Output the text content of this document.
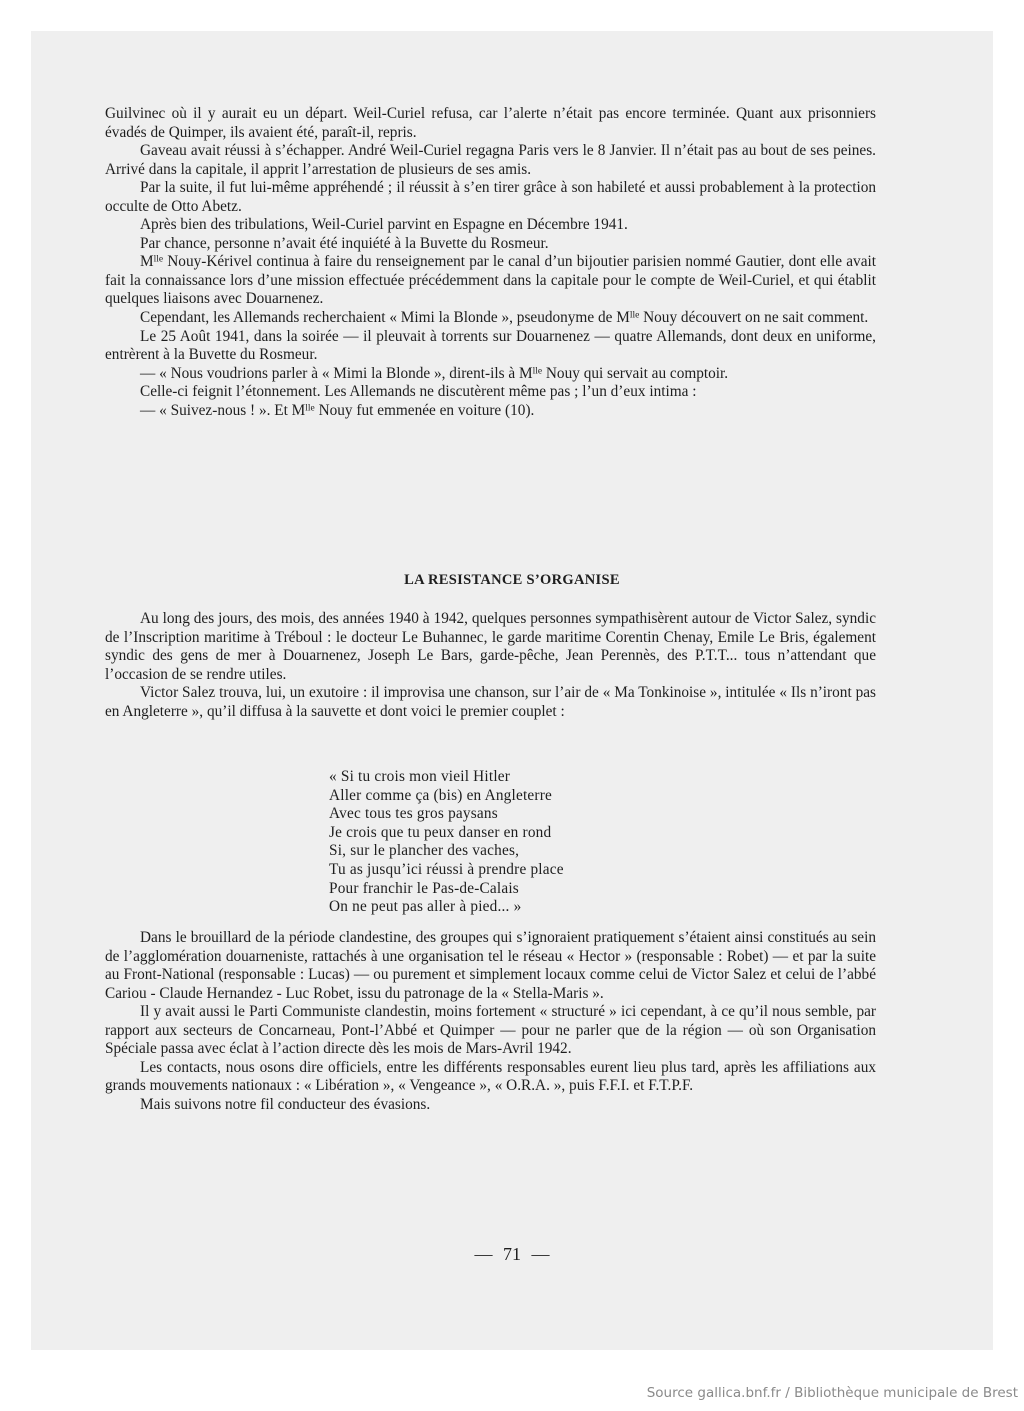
Guilvinec où il y aurait eu un départ. Weil-Curiel refusa, car l’alerte n’était pas encore terminée. Quant aux prisonniers évadés de Quimper, ils avaient été, paraît-il, repris.

Gaveau avait réussi à s’échapper. André Weil-Curiel regagna Paris vers le 8 Janvier. Il n’était pas au bout de ses peines. Arrivé dans la capitale, il apprit l’arrestation de plusieurs de ses amis.

Par la suite, il fut lui-même appréhendé ; il réussit à s’en tirer grâce à son habileté et aussi probablement à la protection occulte de Otto Abetz.

Après bien des tribulations, Weil-Curiel parvint en Espagne en Décembre 1941.

Par chance, personne n’avait été inquiété à la Buvette du Rosmeur.

$M^{lle}$ Nouy-Kérivel continua à faire du renseignement par le canal d’un bijoutier parisien nommé Gautier, dont elle avait fait la connaissance lors d’une mission effectuée précédemment dans la capitale pour le compte de Weil-Curiel, et qui établit quelques liaisons avec Douarnenez.

Cependant, les Allemands recherchaient « Mimi la Blonde », pseudonyme de $M^{lle}$ Nouy découvert on ne sait comment.

Le 25 Août 1941, dans la soirée — il pleuvait à torrents sur Douarnenez — quatre Allemands, dont deux en uniforme, entrèrent à la Buvette du Rosmeur.

— « Nous voudrions parler à « Mimi la Blonde », dirent-ils à $M^{lle}$ Nouy qui servait au comptoir.

Celle-ci feignit l’étonnement. Les Allemands ne discutèrent même pas ; l’un d’eux intima :

— « Suivez-nous ! ». Et $M^{lle}$ Nouy fut emmenée en voiture (10).

LA RESISTANCE S’ORGANISE

Au long des jours, des mois, des années 1940 à 1942, quelques personnes sympathisèrent autour de Victor Salez, syndic de l’Inscription maritime à Tréboul : le docteur Le Buhannec, le garde maritime Corentin Chenay, Emile Le Bris, également syndic des gens de mer à Douarnenez, Joseph Le Bars, garde-pêche, Jean Perennès, des P.T.T... tous n’attendant que l’occasion de se rendre utiles.

Victor Salez trouva, lui, un exutoire : il improvisa une chanson, sur l’air de « Ma Tonkinoise », intitulée « Ils n’iront pas en Angleterre », qu’il diffusa à la sauvette et dont voici le premier couplet :

« Si tu crois mon vieil Hitler
Aller comme ça (bis) en Angleterre
Avec tous tes gros paysans
Je crois que tu peux danser en rond
Si, sur le plancher des vaches,
Tu as jusqu’ici réussi à prendre place
Pour franchir le Pas-de-Calais
On ne peut pas aller à pied... »

Dans le brouillard de la période clandestine, des groupes qui s’ignoraient pratiquement s’étaient ainsi constitués au sein de l’agglomération douarneniste, rattachés à une organisation tel le réseau « Hector » (responsable : Robet) — et par la suite au Front-National (responsable : Lucas) — ou purement et simplement locaux comme celui de Victor Salez et celui de l’abbé Cariou - Claude Hernandez - Luc Robet, issu du patronage de la « Stella-Maris ».

Il y avait aussi le Parti Communiste clandestin, moins fortement « structuré » ici cependant, à ce qu’il nous semble, par rapport aux secteurs de Concarneau, Pont-l’Abbé et Quimper — pour ne parler que de la région — où son Organisation Spéciale passa avec éclat à l’action directe dès les mois de Mars-Avril 1942.

Les contacts, nous osons dire officiels, entre les différents responsables eurent lieu plus tard, après les affiliations aux grands mouvements nationaux : « Libération », « Vengeance », « O.R.A. », puis F.F.I. et F.T.P.F.

Mais suivons notre fil conducteur des évasions.

— 71 —
Source gallica.bnf.fr / Bibliothèque municipale de Brest
